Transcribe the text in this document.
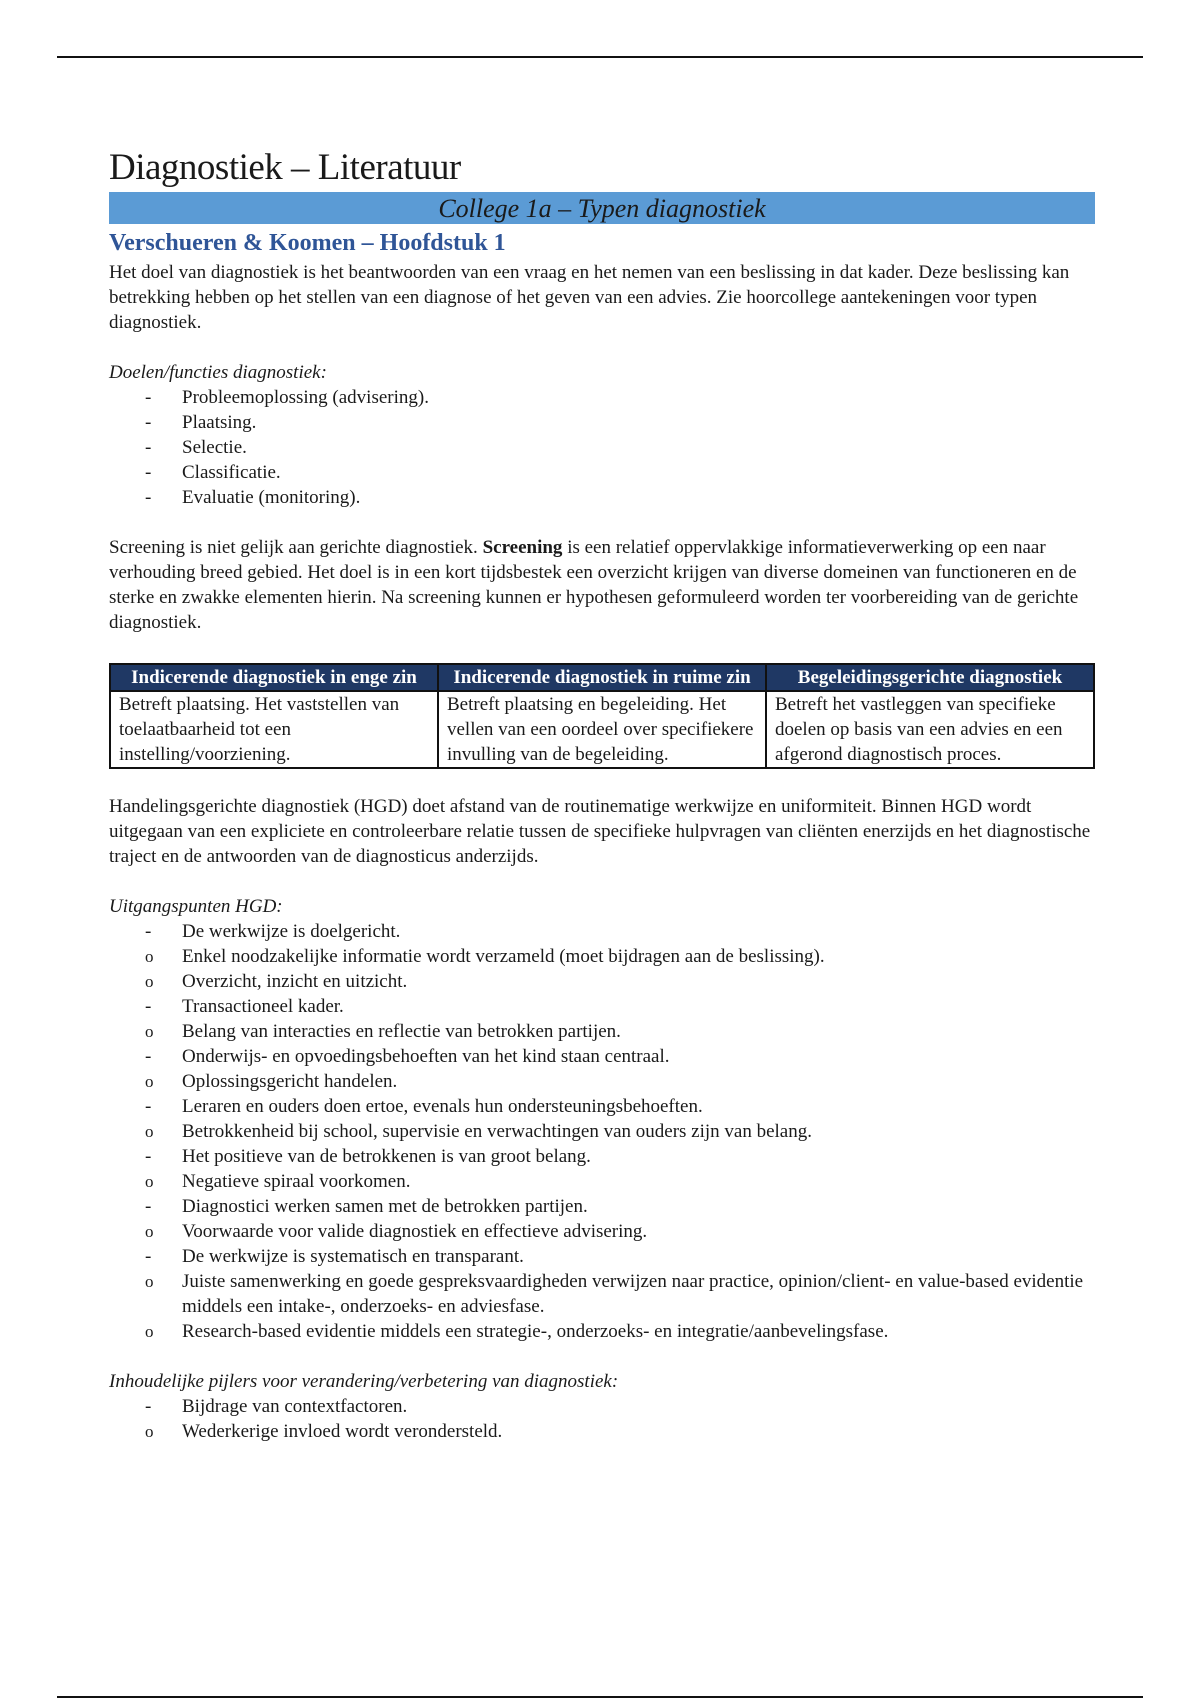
Diagnostiek – Literatuur
College 1a – Typen diagnostiek
Verschueren & Koomen – Hoofdstuk 1

Het doel van diagnostiek is het beantwoorden van een vraag en het nemen van een beslissing in dat kader. Deze beslissing kan betrekking hebben op het stellen van een diagnose of het geven van een advies. Zie hoorcollege aantekeningen voor typen diagnostiek.

Doelen/functies diagnostiek:
- Probleemoplossing (advisering).
- Plaatsing.
- Selectie.
- Classificatie.
- Evaluatie (monitoring).

Screening is niet gelijk aan gerichte diagnostiek. Screening is een relatief oppervlakkige informatieverwerking op een naar verhouding breed gebied. Het doel is in een kort tijdsbestek een overzicht krijgen van diverse domeinen van functioneren en de sterke en zwakke elementen hierin. Na screening kunnen er hypothesen geformuleerd worden ter voorbereiding van de gerichte diagnostiek.

Indicerende diagnostiek in enge zin	Indicerende diagnostiek in ruime zin	Begeleidingsgerichte diagnostiek
Betreft plaatsing. Het vaststellen van toelaatbaarheid tot een instelling/voorziening.	Betreft plaatsing en begeleiding. Het vellen van een oordeel over specifiekere invulling van de begeleiding.	Betreft het vastleggen van specifieke doelen op basis van een advies en een afgerond diagnostisch proces.

Handelingsgerichte diagnostiek (HGD) doet afstand van de routinematige werkwijze en uniformiteit. Binnen HGD wordt uitgegaan van een expliciete en controleerbare relatie tussen de specifieke hulpvragen van cliënten enerzijds en het diagnostische traject en de antwoorden van de diagnosticus anderzijds.

Uitgangspunten HGD:
- De werkwijze is doelgericht.
o Enkel noodzakelijke informatie wordt verzameld (moet bijdragen aan de beslissing).
o Overzicht, inzicht en uitzicht.
- Transactioneel kader.
o Belang van interacties en reflectie van betrokken partijen.
- Onderwijs- en opvoedingsbehoeften van het kind staan centraal.
o Oplossingsgericht handelen.
- Leraren en ouders doen ertoe, evenals hun ondersteuningsbehoeften.
o Betrokkenheid bij school, supervisie en verwachtingen van ouders zijn van belang.
- Het positieve van de betrokkenen is van groot belang.
o Negatieve spiraal voorkomen.
- Diagnostici werken samen met de betrokken partijen.
o Voorwaarde voor valide diagnostiek en effectieve advisering.
- De werkwijze is systematisch en transparant.
o Juiste samenwerking en goede gespreksvaardigheden verwijzen naar practice, opinion/client- en value-based evidentie middels een intake-, onderzoeks- en adviesfase.
o Research-based evidentie middels een strategie-, onderzoeks- en integratie/aanbevelingsfase.
Inhoudelijke pijlers voor verandering/verbetering van diagnostiek:
- Bijdrage van contextfactoren.
o Wederkerige invloed wordt verondersteld.
